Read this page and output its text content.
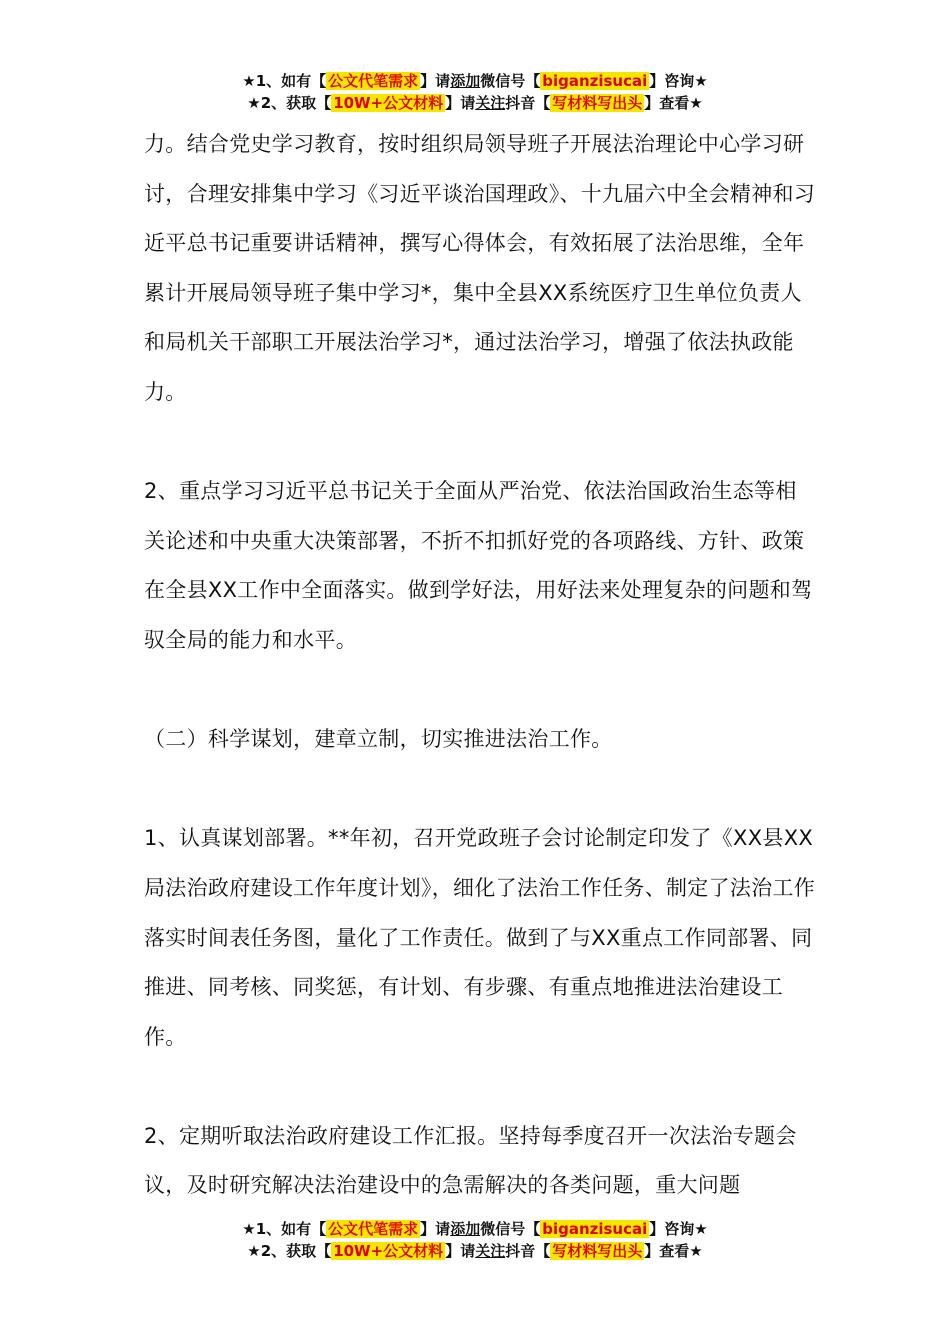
★1、如有【 公文代笔需求 】请添加微信号【 biganzisucai 】咨询★
★2、获取【 10W+公文材料 】请关注抖音【 写材料写出头 】查看★

力。结合党史学习教育，按时组织局领导班子开展法治理论中心学习研讨，合理安排集中学习《习近平谈治国理政》、十九届六中全会精神和习近平总书记重要讲话精神，撰写心得体会，有效拓展了法治思维，全年累计开展局领导班子集中学习*，集中全县XX系统医疗卫生单位负责人和局机关干部职工开展法治学习*，通过法治学习，增强了依法执政能力。

2、重点学习习近平总书记关于全面从严治党、依法治国政治生态等相关论述和中央重大决策部署，不折不扣抓好党的各项路线、方针、政策在全县XX工作中全面落实。做到学好法，用好法来处理复杂的问题和驾驭全局的能力和水平。

（二）科学谋划，建章立制，切实推进法治工作。

1、认真谋划部署。**年初，召开党政班子会讨论制定印发了《XX县XX局法治政府建设工作年度计划》，细化了法治工作任务、制定了法治工作落实时间表任务图，量化了工作责任。做到了与XX重点工作同部署、同推进、同考核、同奖惩，有计划、有步骤、有重点地推进法治建设工作。

2、定期听取法治政府建设工作汇报。坚持每季度召开一次法治专题会议，及时研究解决法治建设中的急需解决的各类问题，重大问题

★1、如有【 公文代笔需求 】请添加微信号【 biganzisucai 】咨询★
★2、获取【 10W+公文材料 】请关注抖音【 写材料写出头 】查看★
